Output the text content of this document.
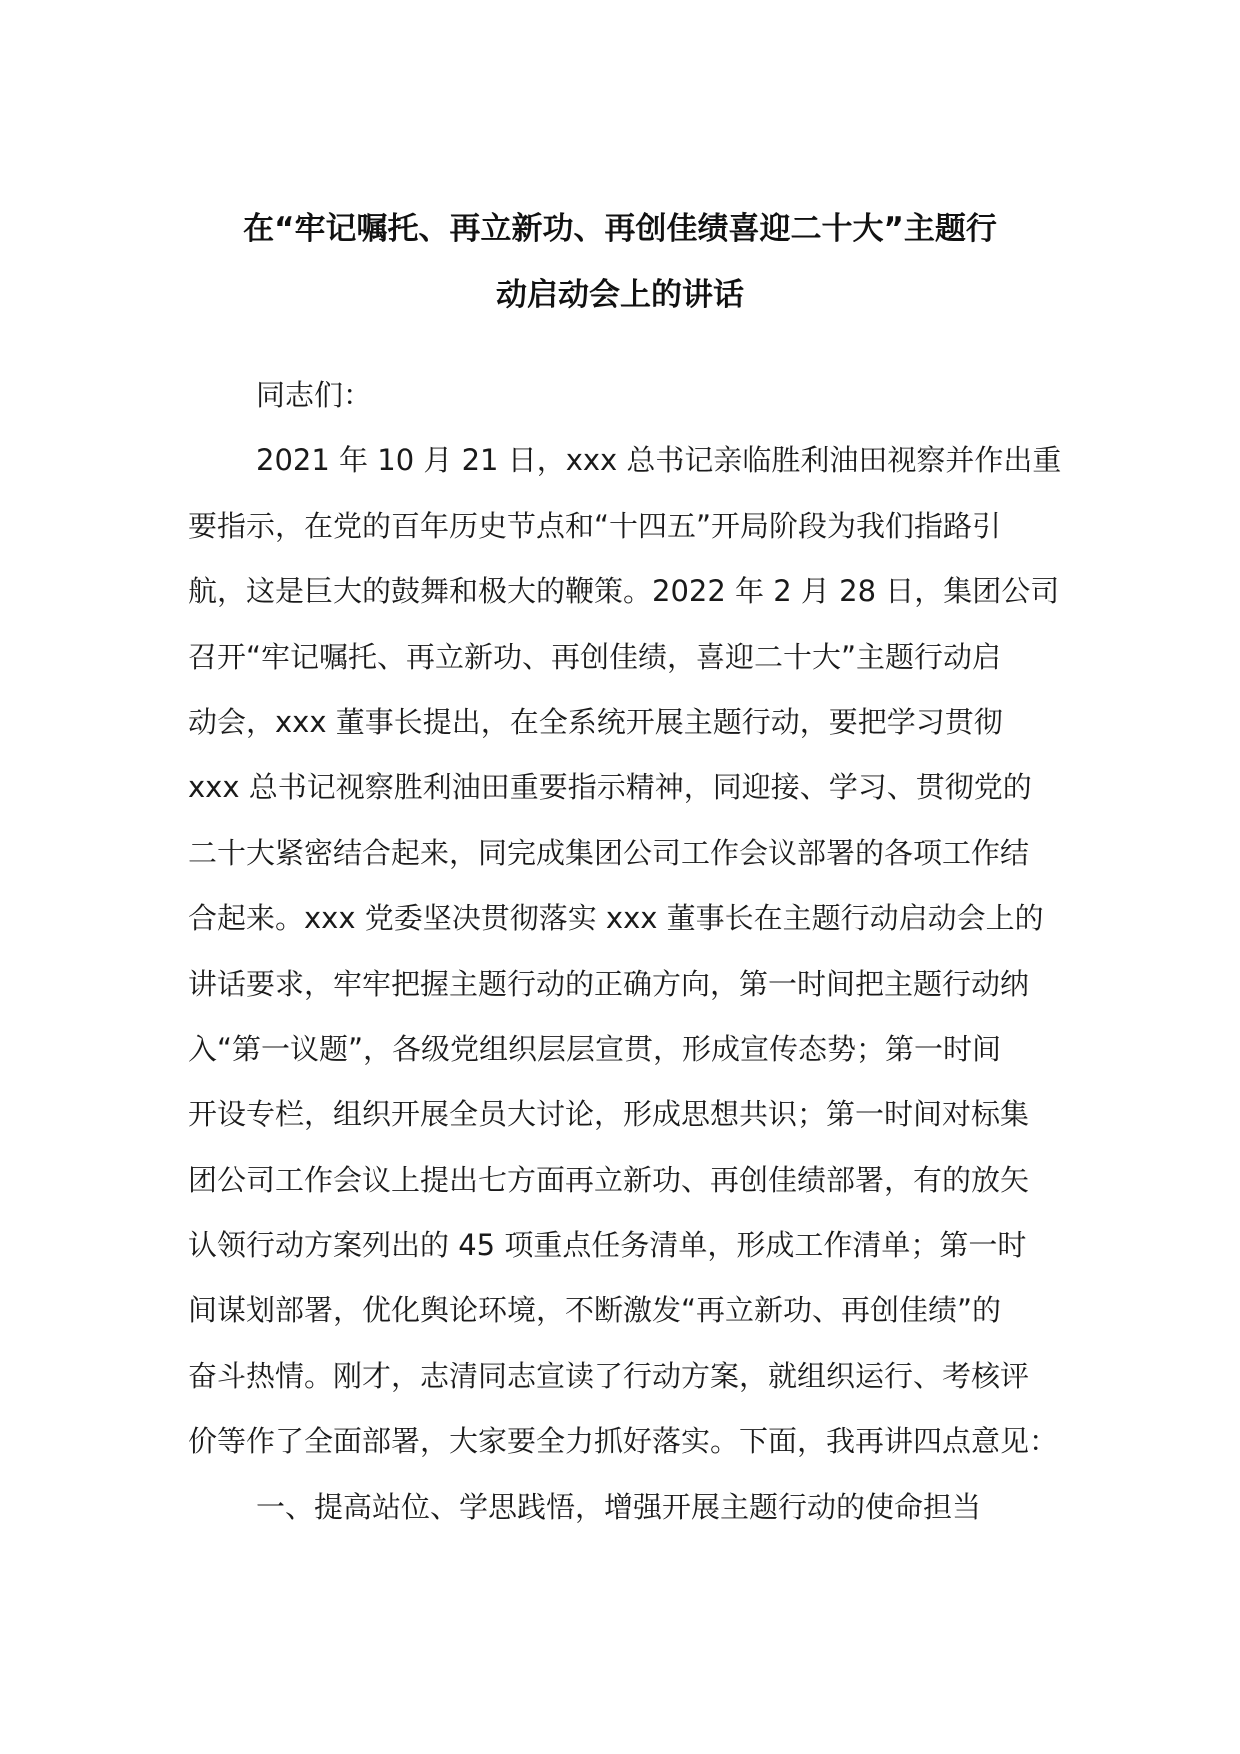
在“牢记嘱托、再立新功、再创佳绩喜迎二十大”主题行
动启动会上的讲话
同志们：
2021 年 10 月 21 日，xxx 总书记亲临胜利油田视察并作出重
要指示，在党的百年历史节点和“十四五”开局阶段为我们指路引
航，这是巨大的鼓舞和极大的鞭策。2022 年 2 月 28 日，集团公司
召开“牢记嘱托、再立新功、再创佳绩，喜迎二十大”主题行动启
动会，xxx 董事长提出，在全系统开展主题行动，要把学习贯彻
xxx 总书记视察胜利油田重要指示精神，同迎接、学习、贯彻党的
二十大紧密结合起来，同完成集团公司工作会议部署的各项工作结
合起来。xxx 党委坚决贯彻落实 xxx 董事长在主题行动启动会上的
讲话要求，牢牢把握主题行动的正确方向，第一时间把主题行动纳
入“第一议题”，各级党组织层层宣贯，形成宣传态势；第一时间
开设专栏，组织开展全员大讨论，形成思想共识；第一时间对标集
团公司工作会议上提出七方面再立新功、再创佳绩部署，有的放矢
认领行动方案列出的 45 项重点任务清单，形成工作清单；第一时
间谋划部署，优化舆论环境，不断激发“再立新功、再创佳绩”的
奋斗热情。刚才，志清同志宣读了行动方案，就组织运行、考核评
价等作了全面部署，大家要全力抓好落实。下面，我再讲四点意见：
一、提高站位、学思践悟，增强开展主题行动的使命担当
